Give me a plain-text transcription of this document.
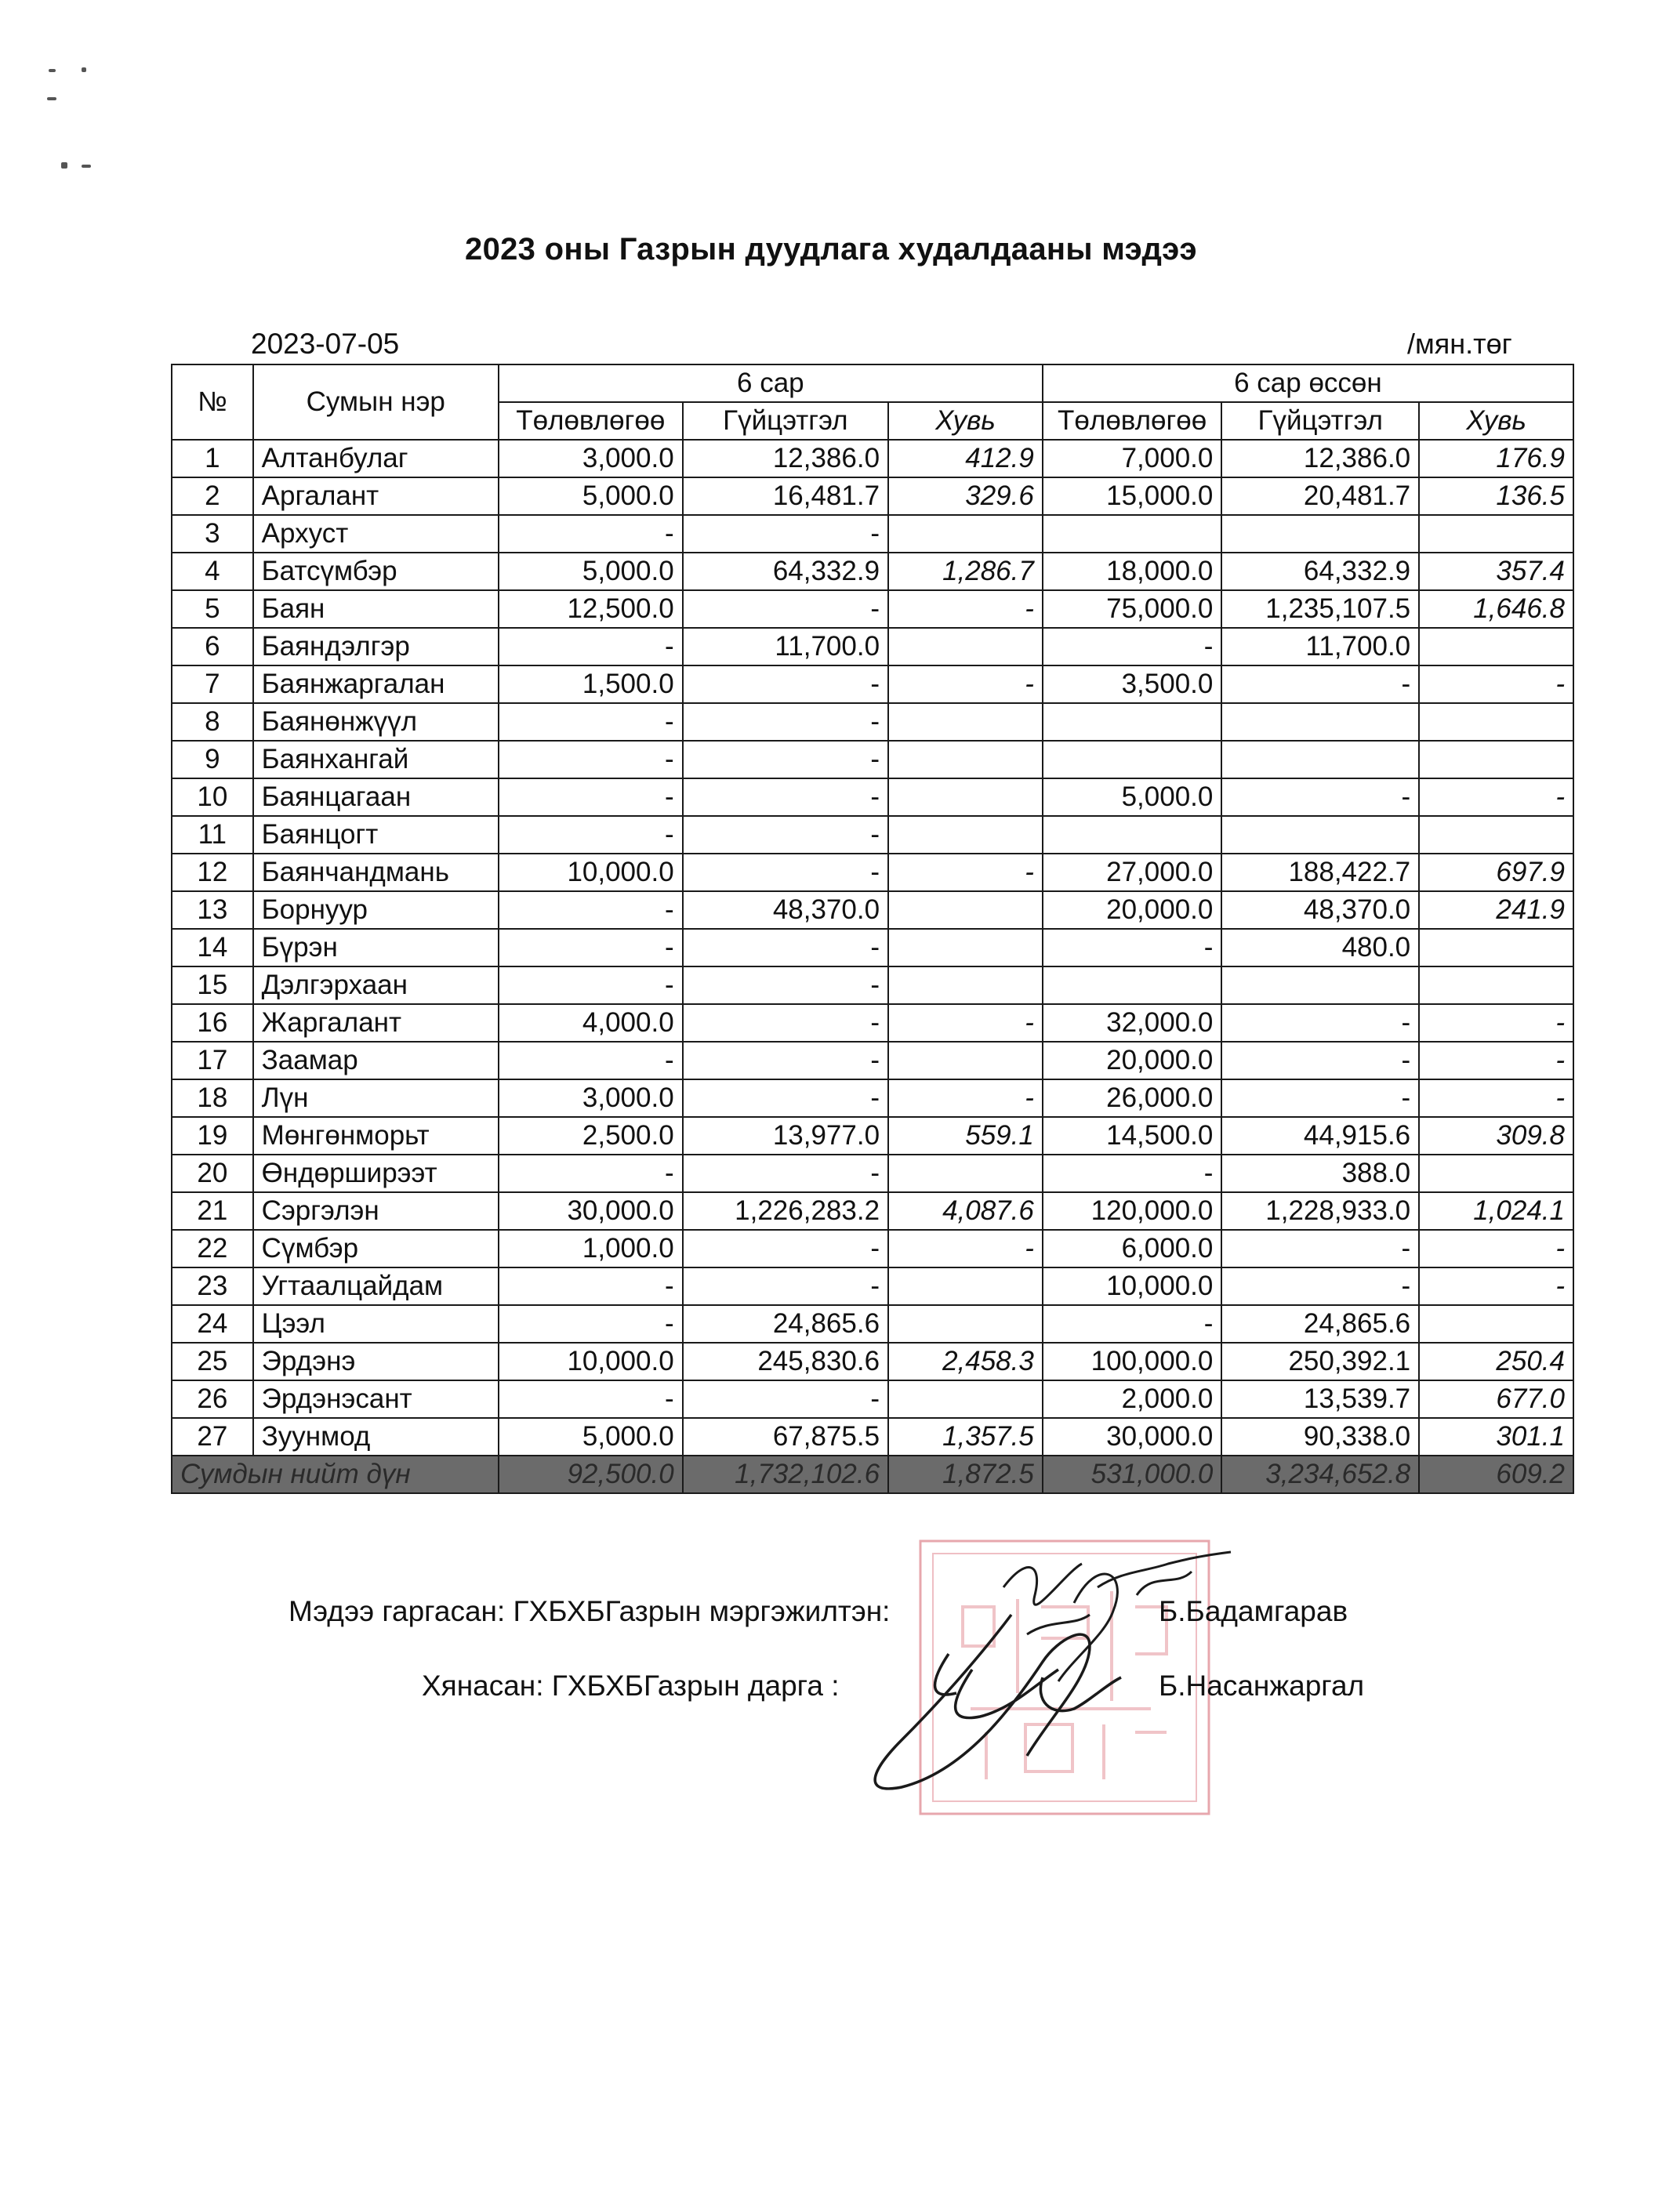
2023 оны Газрын дуудлага худалдааны мэдээ
2023-07-05	/мян.төг
№	Сумын нэр	6 сар			6 сар өссөн		
		Төлөвлөгөө	Гүйцэтгэл	Хувь	Төлөвлөгөө	Гүйцэтгэл	Хувь
1	Алтанбулаг	3,000.0	12,386.0	412.9	7,000.0	12,386.0	176.9
2	Аргалант	5,000.0	16,481.7	329.6	15,000.0	20,481.7	136.5
3	Архуст	-	-				
4	Батсүмбэр	5,000.0	64,332.9	1,286.7	18,000.0	64,332.9	357.4
5	Баян	12,500.0	-	-	75,000.0	1,235,107.5	1,646.8
6	Баяндэлгэр	-	11,700.0		-	11,700.0	
7	Баянжаргалан	1,500.0	-	-	3,500.0	-	-
8	Баянөнжүүл	-	-				
9	Баянхангай	-	-				
10	Баянцагаан	-	-		5,000.0	-	-
11	Баянцогт	-	-				
12	Баянчандмань	10,000.0	-	-	27,000.0	188,422.7	697.9
13	Борнуур	-	48,370.0		20,000.0	48,370.0	241.9
14	Бүрэн	-	-		-	480.0	
15	Дэлгэрхаан	-	-				
16	Жаргалант	4,000.0	-	-	32,000.0	-	-
17	Заамар	-	-		20,000.0	-	-
18	Лүн	3,000.0	-	-	26,000.0	-	-
19	Мөнгөнморьт	2,500.0	13,977.0	559.1	14,500.0	44,915.6	309.8
20	Өндөрширээт	-	-		-	388.0	
21	Сэргэлэн	30,000.0	1,226,283.2	4,087.6	120,000.0	1,228,933.0	1,024.1
22	Сүмбэр	1,000.0	-	-	6,000.0	-	-
23	Угтаалцайдам	-	-		10,000.0	-	-
24	Цээл	-	24,865.6		-	24,865.6	
25	Эрдэнэ	10,000.0	245,830.6	2,458.3	100,000.0	250,392.1	250.4
26	Эрдэнэсант	-	-		2,000.0	13,539.7	677.0
27	Зуунмод	5,000.0	67,875.5	1,357.5	30,000.0	90,338.0	301.1
Сумдын нийт дүн		92,500.0	1,732,102.6	1,872.5	531,000.0	3,234,652.8	609.2
Мэдээ гаргасан: ГХБХБГазрын мэргэжилтэн:	Б.Бадамгарав
Хянасан: ГХБХБГазрын дарга :	Б.Насанжаргал
